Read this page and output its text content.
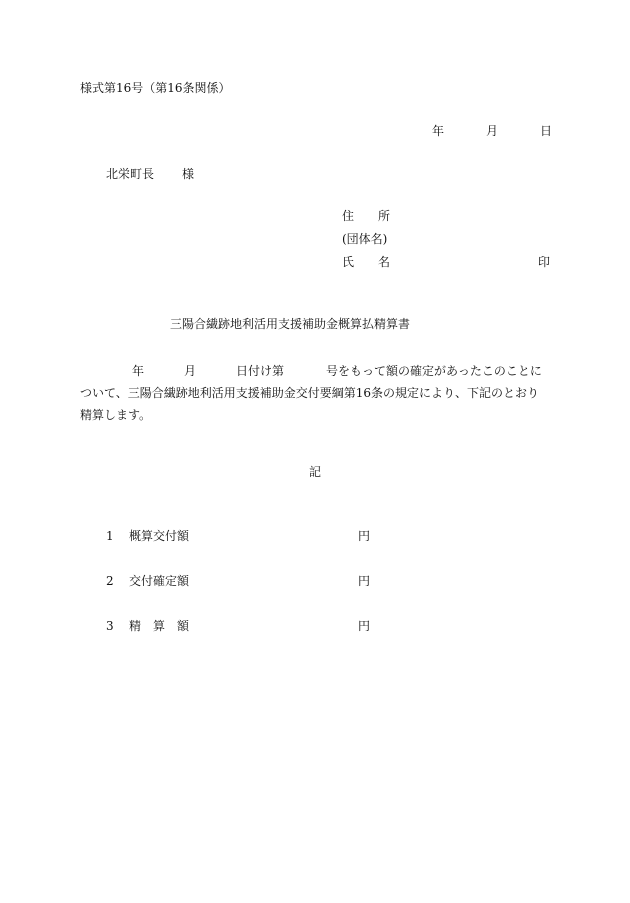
様式第16号（第16条関係）
年	月	日
北栄町長 様
住　　所
(団体名)
氏　　名	印
三陽合繊跡地利活用支援補助金概算払精算書
年	月	日付け第	号をもって額の確定があったこのことについて、三陽合繊跡地利活用支援補助金交付要綱第16条の規定により、下記のとおり精算します。
記
1 概算交付額	円
2 交付確定額	円
3 精　算　額	円
